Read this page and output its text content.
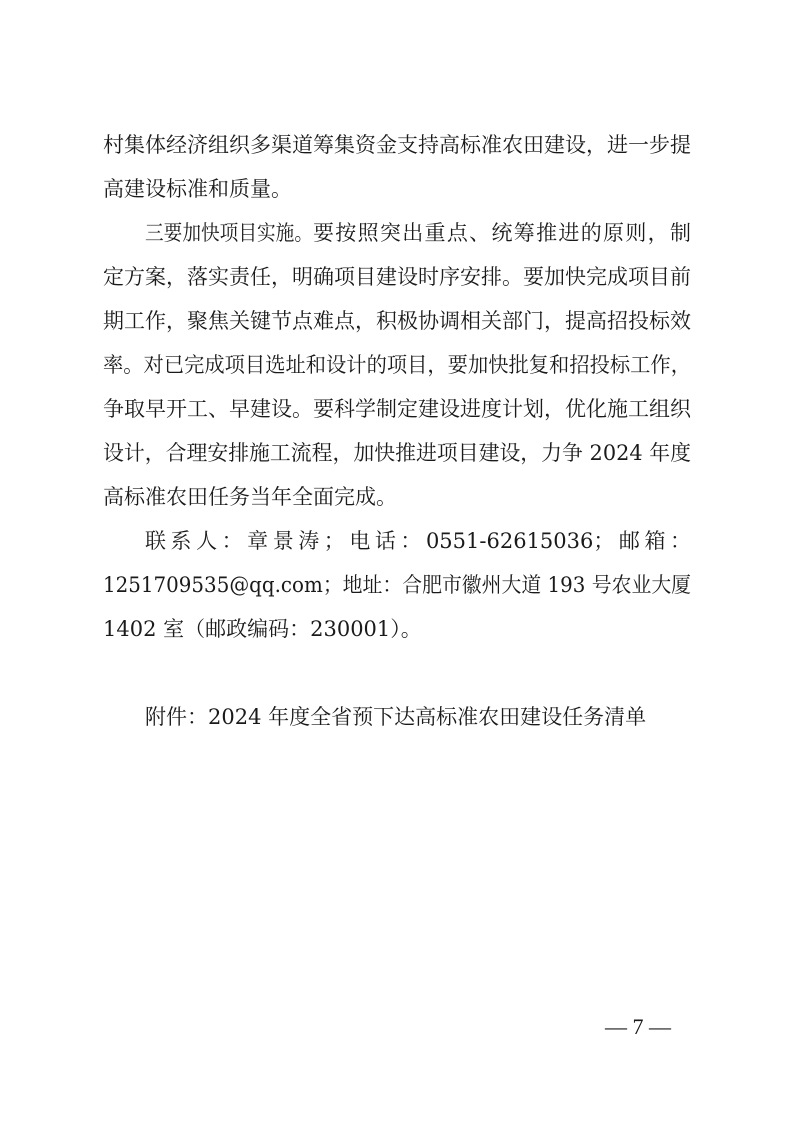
村集体经济组织多渠道筹集资金支持高标准农田建设，进一步提
高建设标准和质量。
三要加快项目实施。 要按照突出重点、统筹推进的原则，制
定方案，落实责任，明确项目建设时序安排。要加快完成项目前
期工作，聚焦关键节点难点，积极协调相关部门，提高招投标效
率。对已完成项目选址和设计的项目，要加快批复和招投标工作，
争取早开工、早建设。要科学制定建设进度计划，优化施工组织
设计，合理安排施工流程，加快推进项目建设，力争 2024 年度
高标准农田任务当年全面完成。
联系人：章景涛；电话：0551-62615036；邮箱：
1251709535@qq.com；地址：合肥市徽州大道 193 号农业大厦
1402 室（邮政编码：230001）。
附件：2024 年度全省预下达高标准农田建设任务清单
— 7 —
